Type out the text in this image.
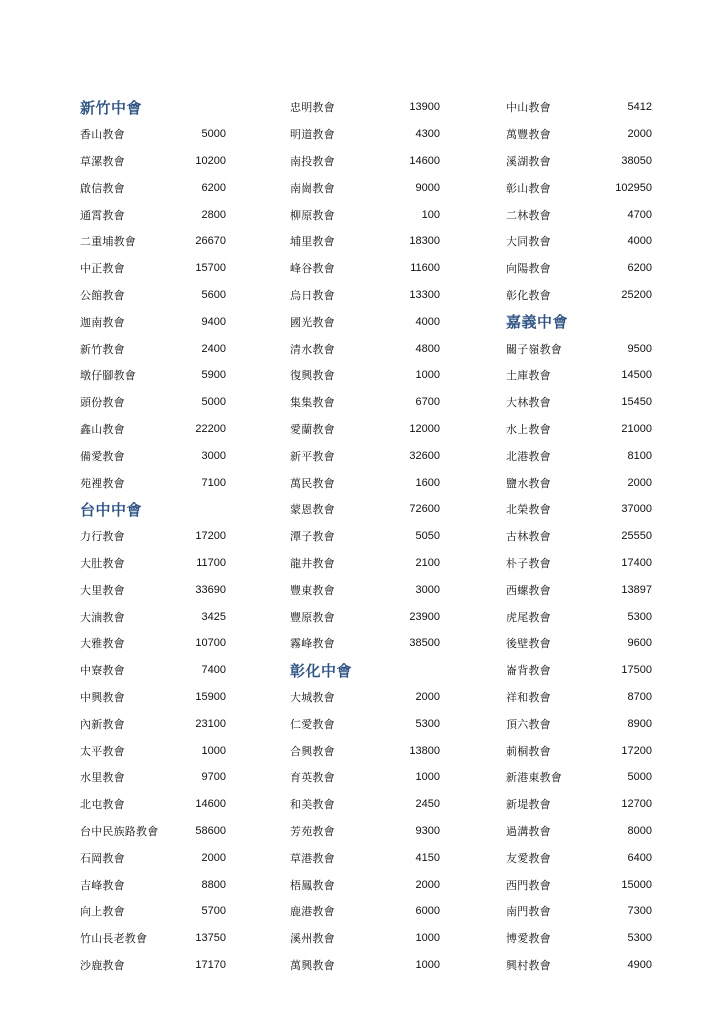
新竹中會
香山教會	5000
草漯教會	10200
啟信教會	6200
通霄教會	2800
二重埔教會	26670
中正教會	15700
公館教會	5600
迦南教會	9400
新竹教會	2400
墩仔腳教會	5900
頭份教會	5000
鑫山教會	22200
備愛教會	3000
苑裡教會	7100
台中中會
力行教會	17200
大肚教會	11700
大里教會	33690
大湳教會	3425
大雅教會	10700
中寮教會	7400
中興教會	15900
內新教會	23100
太平教會	1000
水里教會	9700
北屯教會	14600
台中民族路教會	58600
石岡教會	2000
吉峰教會	8800
向上教會	5700
竹山長老教會	13750
沙鹿教會	17170
忠明教會	13900
明道教會	4300
南投教會	14600
南崗教會	9000
柳原教會	100
埔里教會	18300
峰谷教會	11600
烏日教會	13300
國光教會	4000
清水教會	4800
復興教會	1000
集集教會	6700
愛蘭教會	12000
新平教會	32600
萬民教會	1600
蒙恩教會	72600
潭子教會	5050
龍井教會	2100
豐東教會	3000
豐原教會	23900
霧峰教會	38500
彰化中會
大城教會	2000
仁愛教會	5300
合興教會	13800
育英教會	1000
和美教會	2450
芳苑教會	9300
草港教會	4150
梧鳳教會	2000
鹿港教會	6000
溪州教會	1000
萬興教會	1000
中山教會	5412
萬豐教會	2000
溪湖教會	38050
彰山教會	102950
二林教會	4700
大同教會	4000
向陽教會	6200
彰化教會	25200
嘉義中會
關子嶺教會	9500
土庫教會	14500
大林教會	15450
水上教會	21000
北港教會	8100
鹽水教會	2000
北榮教會	37000
古林教會	25550
朴子教會	17400
西螺教會	13897
虎尾教會	5300
後壁教會	9600
崙背教會	17500
祥和教會	8700
頂六教會	8900
莿桐教會	17200
新港東教會	5000
新堤教會	12700
過溝教會	8000
友愛教會	6400
西門教會	15000
南門教會	7300
博愛教會	5300
興村教會	4900
